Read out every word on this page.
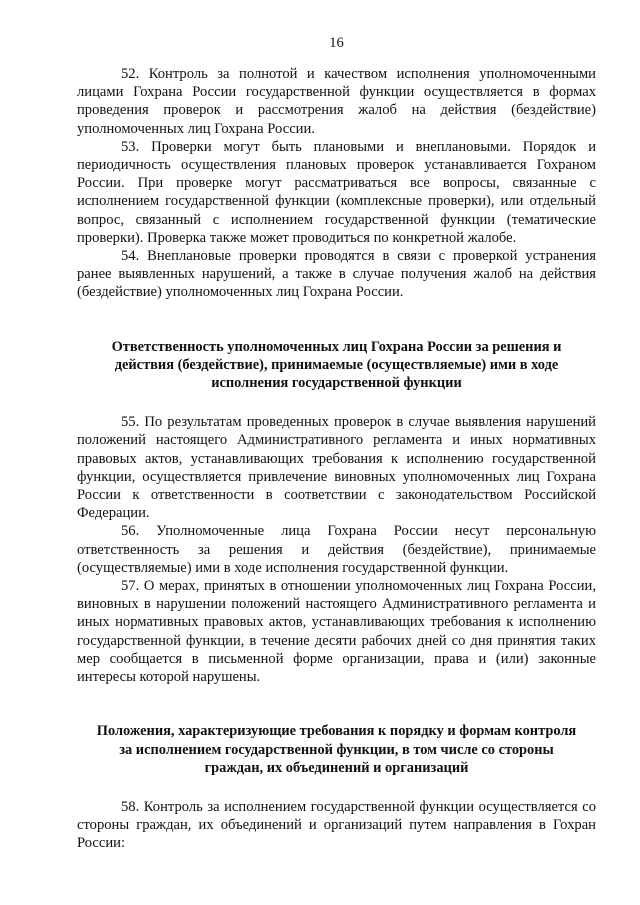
16

52. Контроль за полнотой и качеством исполнения уполномоченными лицами Гохрана России государственной функции осуществляется в формах проведения проверок и рассмотрения жалоб на действия (бездействие) уполномоченных лиц Гохрана России.

53. Проверки могут быть плановыми и внеплановыми. Порядок и периодичность осуществления плановых проверок устанавливается Гохраном России. При проверке могут рассматриваться все вопросы, связанные с исполнением государственной функции (комплексные проверки), или отдельный вопрос, связанный с исполнением государственной функции (тематические проверки). Проверка также может проводиться по конкретной жалобе.

54. Внеплановые проверки проводятся в связи с проверкой устранения ранее выявленных нарушений, а также в случае получения жалоб на действия (бездействие) уполномоченных лиц Гохрана России.

Ответственность уполномоченных лиц Гохрана России за решения и действия (бездействие), принимаемые (осуществляемые) ими в ходе исполнения государственной функции

55. По результатам проведенных проверок в случае выявления нарушений положений настоящего Административного регламента и иных нормативных правовых актов, устанавливающих требования к исполнению государственной функции, осуществляется привлечение виновных уполномоченных лиц Гохрана России к ответственности в соответствии с законодательством Российской Федерации.

56. Уполномоченные лица Гохрана России несут персональную ответственность за решения и действия (бездействие), принимаемые (осуществляемые) ими в ходе исполнения государственной функции.

57. О мерах, принятых в отношении уполномоченных лиц Гохрана России, виновных в нарушении положений настоящего Административного регламента и иных нормативных правовых актов, устанавливающих требования к исполнению государственной функции, в течение десяти рабочих дней со дня принятия таких мер сообщается в письменной форме организации, права и (или) законные интересы которой нарушены.

Положения, характеризующие требования к порядку и формам контроля за исполнением государственной функции, в том числе со стороны граждан, их объединений и организаций

58. Контроль за исполнением государственной функции осуществляется со стороны граждан, их объединений и организаций путем направления в Гохран России:
